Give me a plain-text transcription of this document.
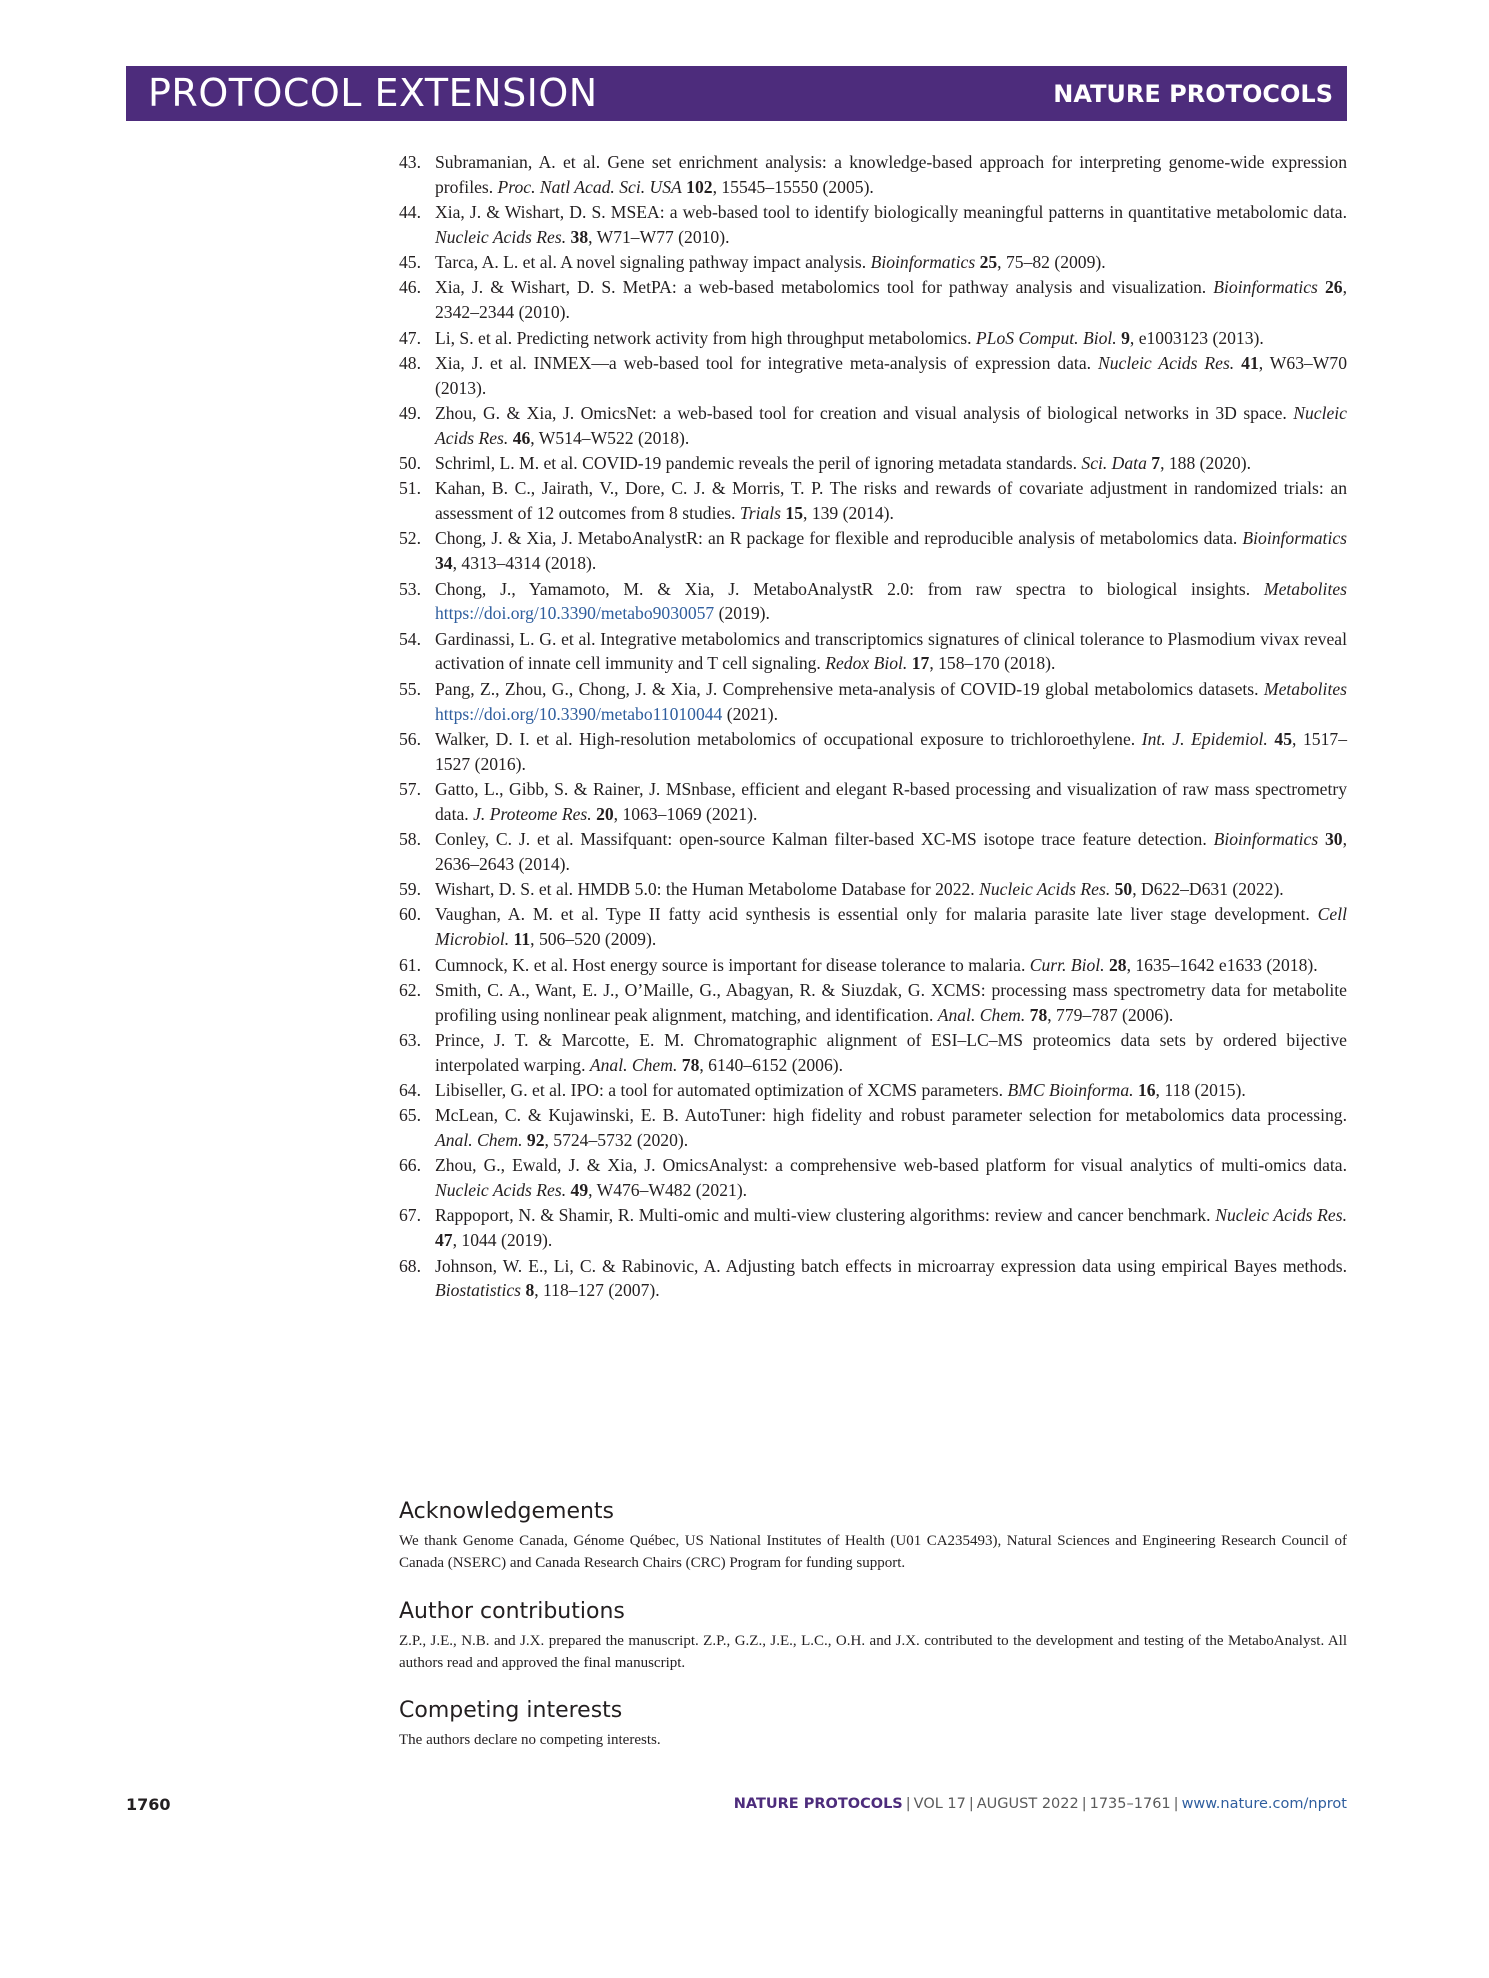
PROTOCOL EXTENSION	NATURE PROTOCOLS
43. Subramanian, A. et al. Gene set enrichment analysis: a knowledge-based approach for interpreting genome-wide expression profiles. Proc. Natl Acad. Sci. USA 102, 15545–15550 (2005).
44. Xia, J. & Wishart, D. S. MSEA: a web-based tool to identify biologically meaningful patterns in quantitative metabolomic data. Nucleic Acids Res. 38, W71–W77 (2010).
45. Tarca, A. L. et al. A novel signaling pathway impact analysis. Bioinformatics 25, 75–82 (2009).
46. Xia, J. & Wishart, D. S. MetPA: a web-based metabolomics tool for pathway analysis and visualization. Bioinformatics 26, 2342–2344 (2010).
47. Li, S. et al. Predicting network activity from high throughput metabolomics. PLoS Comput. Biol. 9, e1003123 (2013).
48. Xia, J. et al. INMEX—a web-based tool for integrative meta-analysis of expression data. Nucleic Acids Res. 41, W63–W70 (2013).
49. Zhou, G. & Xia, J. OmicsNet: a web-based tool for creation and visual analysis of biological networks in 3D space. Nucleic Acids Res. 46, W514–W522 (2018).
50. Schriml, L. M. et al. COVID-19 pandemic reveals the peril of ignoring metadata standards. Sci. Data 7, 188 (2020).
51. Kahan, B. C., Jairath, V., Dore, C. J. & Morris, T. P. The risks and rewards of covariate adjustment in randomized trials: an assessment of 12 outcomes from 8 studies. Trials 15, 139 (2014).
52. Chong, J. & Xia, J. MetaboAnalystR: an R package for flexible and reproducible analysis of metabolomics data. Bioinformatics 34, 4313–4314 (2018).
53. Chong, J., Yamamoto, M. & Xia, J. MetaboAnalystR 2.0: from raw spectra to biological insights. Metabolites https://doi.org/10.3390/metabo9030057 (2019).
54. Gardinassi, L. G. et al. Integrative metabolomics and transcriptomics signatures of clinical tolerance to Plasmodium vivax reveal activation of innate cell immunity and T cell signaling. Redox Biol. 17, 158–170 (2018).
55. Pang, Z., Zhou, G., Chong, J. & Xia, J. Comprehensive meta-analysis of COVID-19 global metabolomics datasets. Metabolites https://doi.org/10.3390/metabo11010044 (2021).
56. Walker, D. I. et al. High-resolution metabolomics of occupational exposure to trichloroethylene. Int. J. Epidemiol. 45, 1517–1527 (2016).
57. Gatto, L., Gibb, S. & Rainer, J. MSnbase, efficient and elegant R-based processing and visualization of raw mass spectrometry data. J. Proteome Res. 20, 1063–1069 (2021).
58. Conley, C. J. et al. Massifquant: open-source Kalman filter-based XC-MS isotope trace feature detection. Bioinformatics 30, 2636–2643 (2014).
59. Wishart, D. S. et al. HMDB 5.0: the Human Metabolome Database for 2022. Nucleic Acids Res. 50, D622–D631 (2022).
60. Vaughan, A. M. et al. Type II fatty acid synthesis is essential only for malaria parasite late liver stage development. Cell Microbiol. 11, 506–520 (2009).
61. Cumnock, K. et al. Host energy source is important for disease tolerance to malaria. Curr. Biol. 28, 1635–1642 e1633 (2018).
62. Smith, C. A., Want, E. J., O’Maille, G., Abagyan, R. & Siuzdak, G. XCMS: processing mass spectrometry data for metabolite profiling using nonlinear peak alignment, matching, and identification. Anal. Chem. 78, 779–787 (2006).
63. Prince, J. T. & Marcotte, E. M. Chromatographic alignment of ESI–LC–MS proteomics data sets by ordered bijective interpolated warping. Anal. Chem. 78, 6140–6152 (2006).
64. Libiseller, G. et al. IPO: a tool for automated optimization of XCMS parameters. BMC Bioinforma. 16, 118 (2015).
65. McLean, C. & Kujawinski, E. B. AutoTuner: high fidelity and robust parameter selection for metabolomics data processing. Anal. Chem. 92, 5724–5732 (2020).
66. Zhou, G., Ewald, J. & Xia, J. OmicsAnalyst: a comprehensive web-based platform for visual analytics of multi-omics data. Nucleic Acids Res. 49, W476–W482 (2021).
67. Rappoport, N. & Shamir, R. Multi-omic and multi-view clustering algorithms: review and cancer benchmark. Nucleic Acids Res. 47, 1044 (2019).
68. Johnson, W. E., Li, C. & Rabinovic, A. Adjusting batch effects in microarray expression data using empirical Bayes methods. Biostatistics 8, 118–127 (2007).
Acknowledgements

We thank Genome Canada, Génome Québec, US National Institutes of Health (U01 CA235493), Natural Sciences and Engineering Research Council of Canada (NSERC) and Canada Research Chairs (CRC) Program for funding support.

Author contributions

Z.P., J.E., N.B. and J.X. prepared the manuscript. Z.P., G.Z., J.E., L.C., O.H. and J.X. contributed to the development and testing of the MetaboAnalyst. All authors read and approved the final manuscript.

Competing interests

The authors declare no competing interests.

1760	NATURE PROTOCOLS | VOL 17 | AUGUST 2022 | 1735–1761 | www.nature.com/nprot
